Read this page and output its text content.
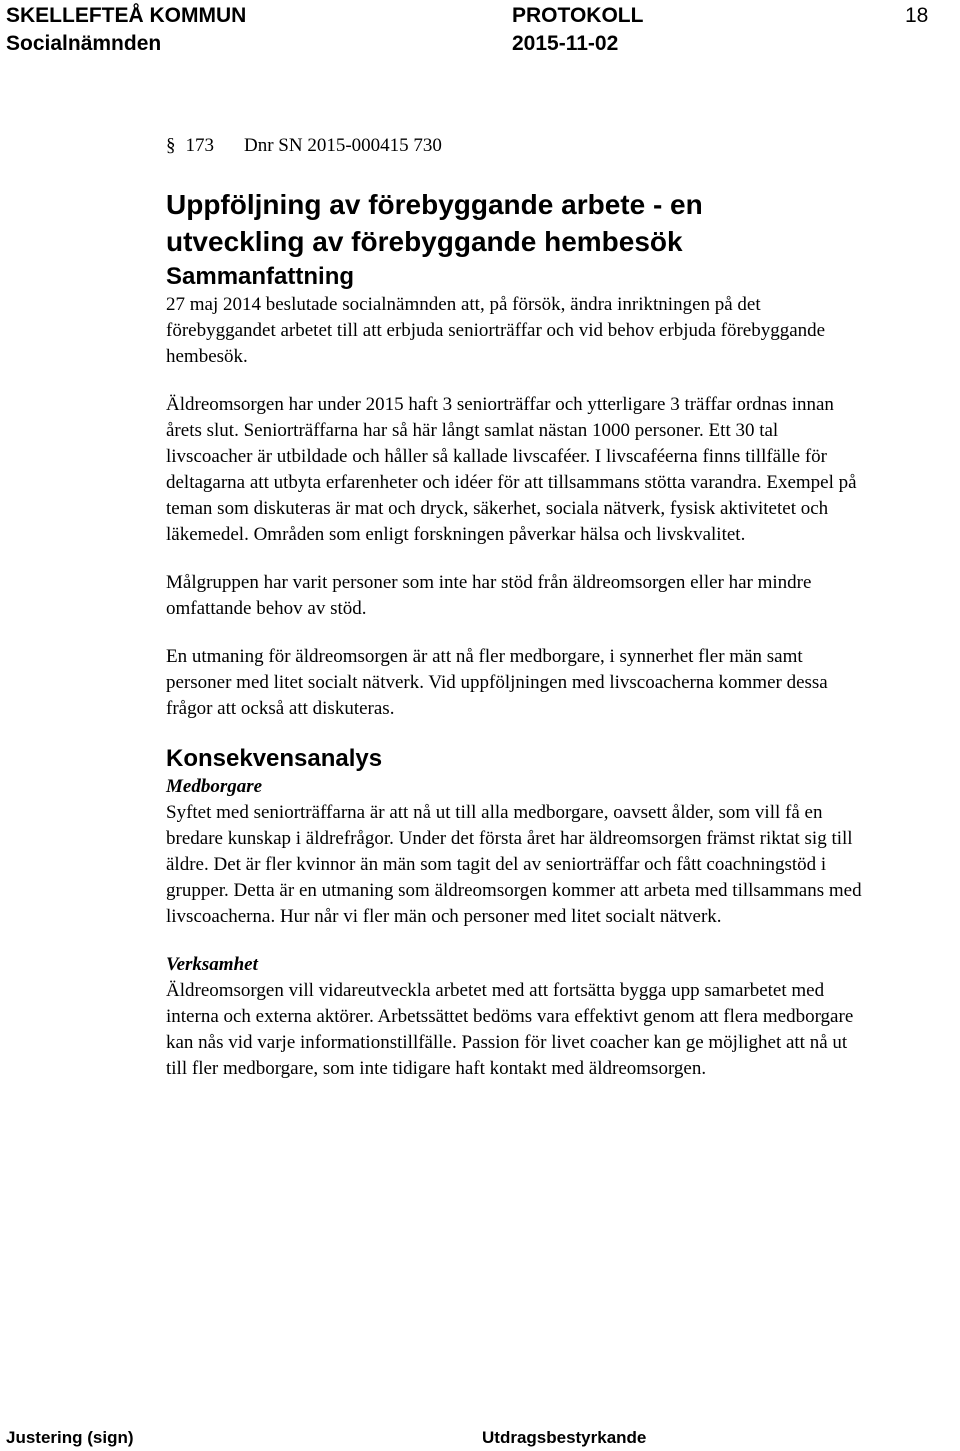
SKELLEFTEÅ KOMMUN
Socialnämnden
PROTOKOLL
2015-11-02
18
§ 173 Dnr SN 2015-000415 730
Uppföljning av förebyggande arbete - en
utveckling av förebyggande hembesök
Sammanfattning
27 maj 2014 beslutade socialnämnden att, på försök, ändra inriktningen på det förebyggandet arbetet till att erbjuda seniorträffar och vid behov erbjuda förebyggande hembesök.
Äldreomsorgen har under 2015 haft 3 seniorträffar och ytterligare 3 träffar ordnas innan årets slut. Seniorträffarna har så här långt samlat nästan 1000 personer. Ett 30 tal livscoacher är utbildade och håller så kallade livscaféer. I livscaféerna finns tillfälle för deltagarna att utbyta erfarenheter och idéer för att tillsammans stötta varandra. Exempel på teman som diskuteras är mat och dryck, säkerhet, sociala nätverk, fysisk aktivitetet och läkemedel. Områden som enligt forskningen påverkar hälsa och livskvalitet.
Målgruppen har varit personer som inte har stöd från äldreomsorgen eller har mindre omfattande behov av stöd.
En utmaning för äldreomsorgen är att nå fler medborgare, i synnerhet fler män samt personer med litet socialt nätverk. Vid uppföljningen med livscoacherna kommer dessa frågor att också att diskuteras.
Konsekvensanalys
Medborgare
Syftet med seniorträffarna är att nå ut till alla medborgare, oavsett ålder, som vill få en bredare kunskap i äldrefrågor. Under det första året har äldreomsorgen främst riktat sig till äldre. Det är fler kvinnor än män som tagit del av seniorträffar och fått coachningstöd i grupper. Detta är en utmaning som äldreomsorgen kommer att arbeta med tillsammans med livscoacherna. Hur når vi fler män och personer med litet socialt nätverk.
Verksamhet
Äldreomsorgen vill vidareutveckla arbetet med att fortsätta bygga upp samarbetet med interna och externa aktörer. Arbetssättet bedöms vara effektivt genom att flera medborgare kan nås vid varje informationstillfälle. Passion för livet coacher kan ge möjlighet att nå ut till fler medborgare, som inte tidigare haft kontakt med äldreomsorgen.
Justering (sign)	Utdragsbestyrkande
